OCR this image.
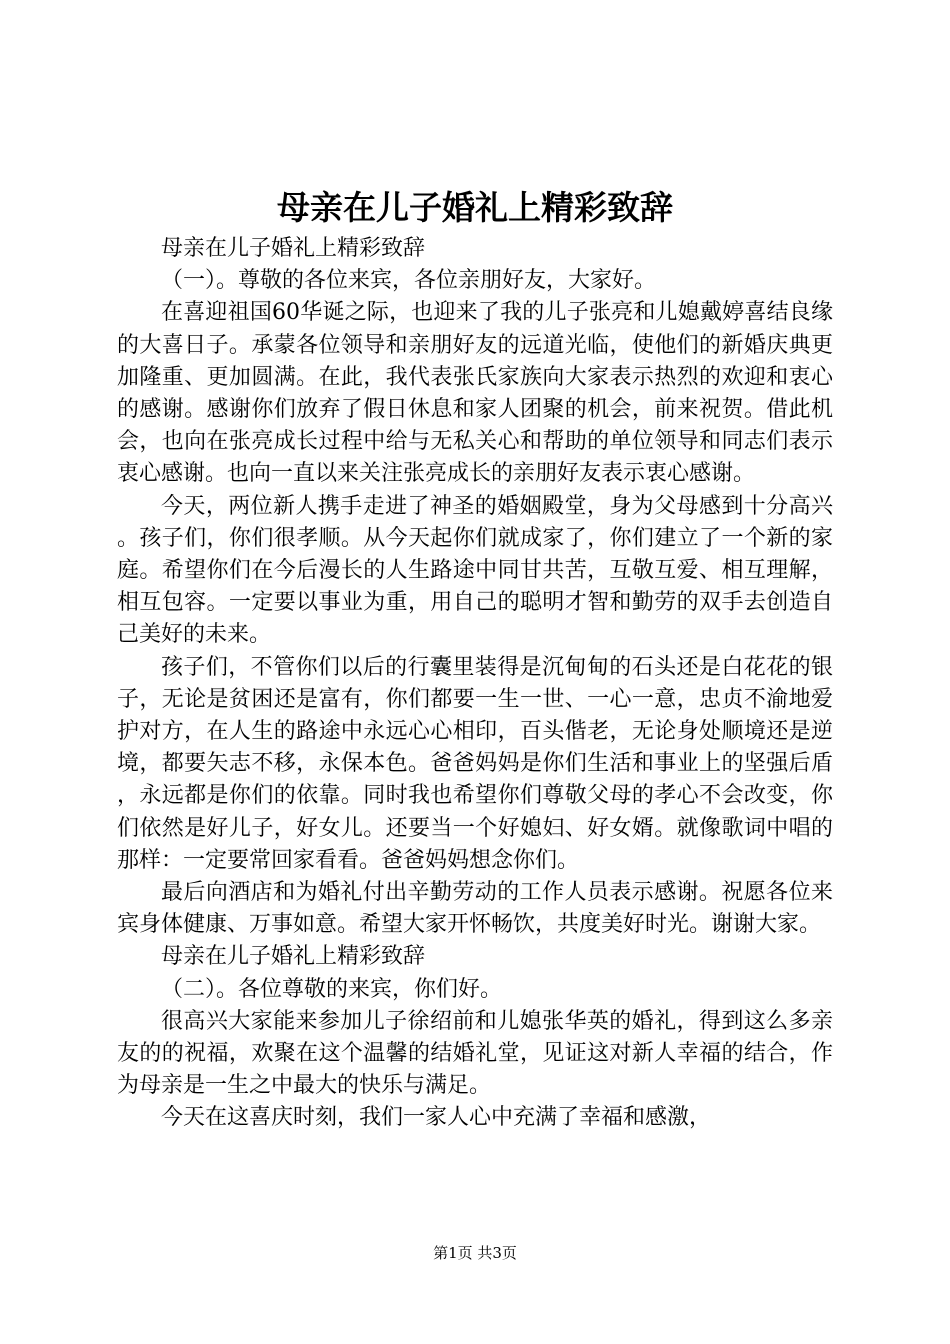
母亲在儿子婚礼上精彩致辞

母亲在儿子婚礼上精彩致辞

（一）。尊敬的各位来宾，各位亲朋好友，大家好。

在喜迎祖国60华诞之际，也迎来了我的儿子张亮和儿媳戴婷喜结良缘的大喜日子。承蒙各位领导和亲朋好友的远道光临，使他们的新婚庆典更加隆重、更加圆满。在此，我代表张氏家族向大家表示热烈的欢迎和衷心的感谢。感谢你们放弃了假日休息和家人团聚的机会，前来祝贺。借此机会，也向在张亮成长过程中给与无私关心和帮助的单位领导和同志们表示衷心感谢。也向一直以来关注张亮成长的亲朋好友表示衷心感谢。

今天，两位新人携手走进了神圣的婚姻殿堂，身为父母感到十分高兴。孩子们，你们很孝顺。从今天起你们就成家了，你们建立了一个新的家庭。希望你们在今后漫长的人生路途中同甘共苦，互敬互爱、相互理解，相互包容。一定要以事业为重，用自己的聪明才智和勤劳的双手去创造自己美好的未来。

孩子们，不管你们以后的行囊里装得是沉甸甸的石头还是白花花的银子，无论是贫困还是富有，你们都要一生一世、一心一意，忠贞不渝地爱护对方，在人生的路途中永远心心相印，百头偕老，无论身处顺境还是逆境，都要矢志不移，永保本色。爸爸妈妈是你们生活和事业上的坚强后盾，永远都是你们的依靠。同时我也希望你们尊敬父母的孝心不会改变，你们依然是好儿子，好女儿。还要当一个好媳妇、好女婿。就像歌词中唱的那样：一定要常回家看看。爸爸妈妈想念你们。

最后向酒店和为婚礼付出辛勤劳动的工作人员表示感谢。祝愿各位来宾身体健康、万事如意。希望大家开怀畅饮，共度美好时光。谢谢大家。

母亲在儿子婚礼上精彩致辞

（二）。各位尊敬的来宾，你们好。

很高兴大家能来参加儿子徐绍前和儿媳张华英的婚礼，得到这么多亲友的的祝福，欢聚在这个温馨的结婚礼堂，见证这对新人幸福的结合，作为母亲是一生之中最大的快乐与满足。

今天在这喜庆时刻，我们一家人心中充满了幸福和感激，

第1页 共3页
